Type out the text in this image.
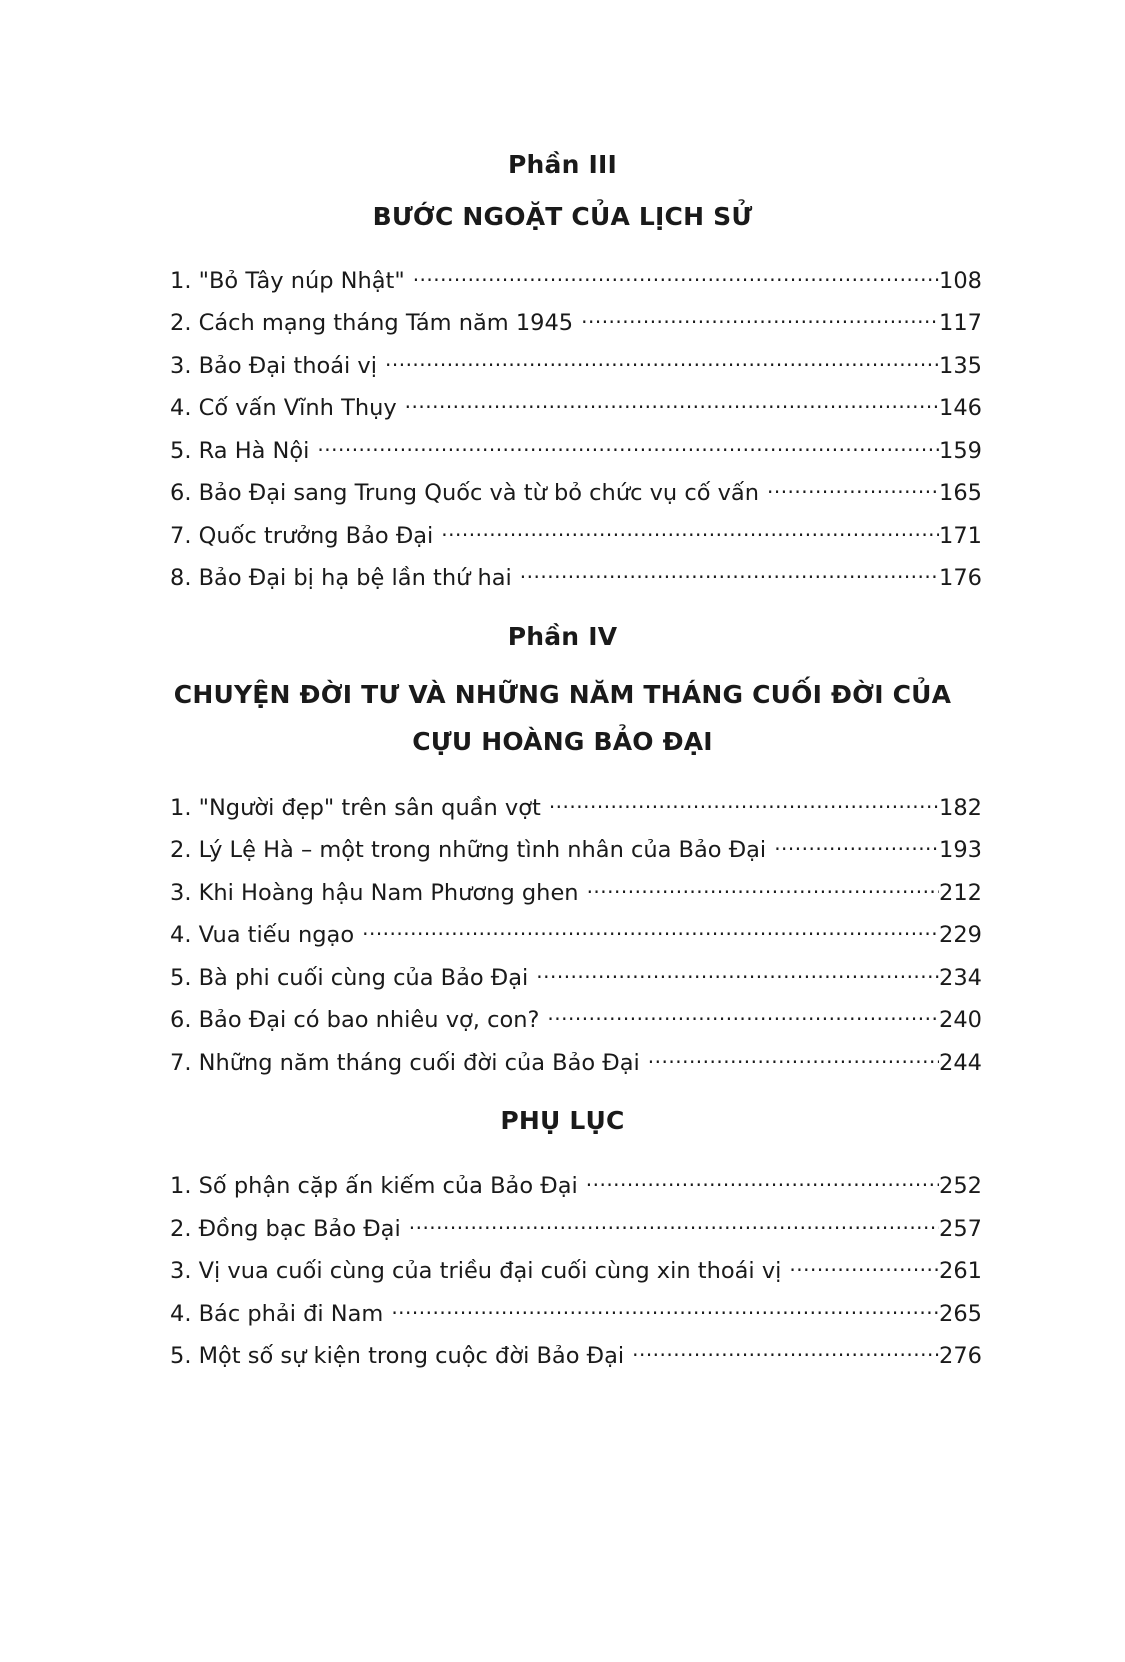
Phần III
BƯỚC NGOẶT CỦA LỊCH SỬ
1. "Bỏ Tây núp Nhật" .....	108
2. Cách mạng tháng Tám năm 1945 .....	117
3. Bảo Đại thoái vị .....	135
4. Cố vấn Vĩnh Thụy .....	146
5. Ra Hà Nội .....	159
6. Bảo Đại sang Trung Quốc và từ bỏ chức vụ cố vấn .....	165
7. Quốc trưởng Bảo Đại .....	171
8. Bảo Đại bị hạ bệ lần thứ hai .....	176
Phần IV
CHUYỆN ĐỜI TƯ VÀ NHỮNG NĂM THÁNG CUỐI ĐỜI CỦA
CỰU HOÀNG BẢO ĐẠI
1. "Người đẹp" trên sân quần vợt .....	182
2. Lý Lệ Hà – một trong những tình nhân của Bảo Đại .....	193
3. Khi Hoàng hậu Nam Phương ghen .....	212
4. Vua tiếu ngạo .....	229
5. Bà phi cuối cùng của Bảo Đại .....	234
6. Bảo Đại có bao nhiêu vợ, con? .....	240
7. Những năm tháng cuối đời của Bảo Đại .....	244
PHỤ LỤC
1. Số phận cặp ấn kiếm của Bảo Đại .....	252
2. Đồng bạc Bảo Đại .....	257
3. Vị vua cuối cùng của triều đại cuối cùng xin thoái vị .....	261
4. Bác phải đi Nam .....	265
5. Một số sự kiện trong cuộc đời Bảo Đại .....	276
